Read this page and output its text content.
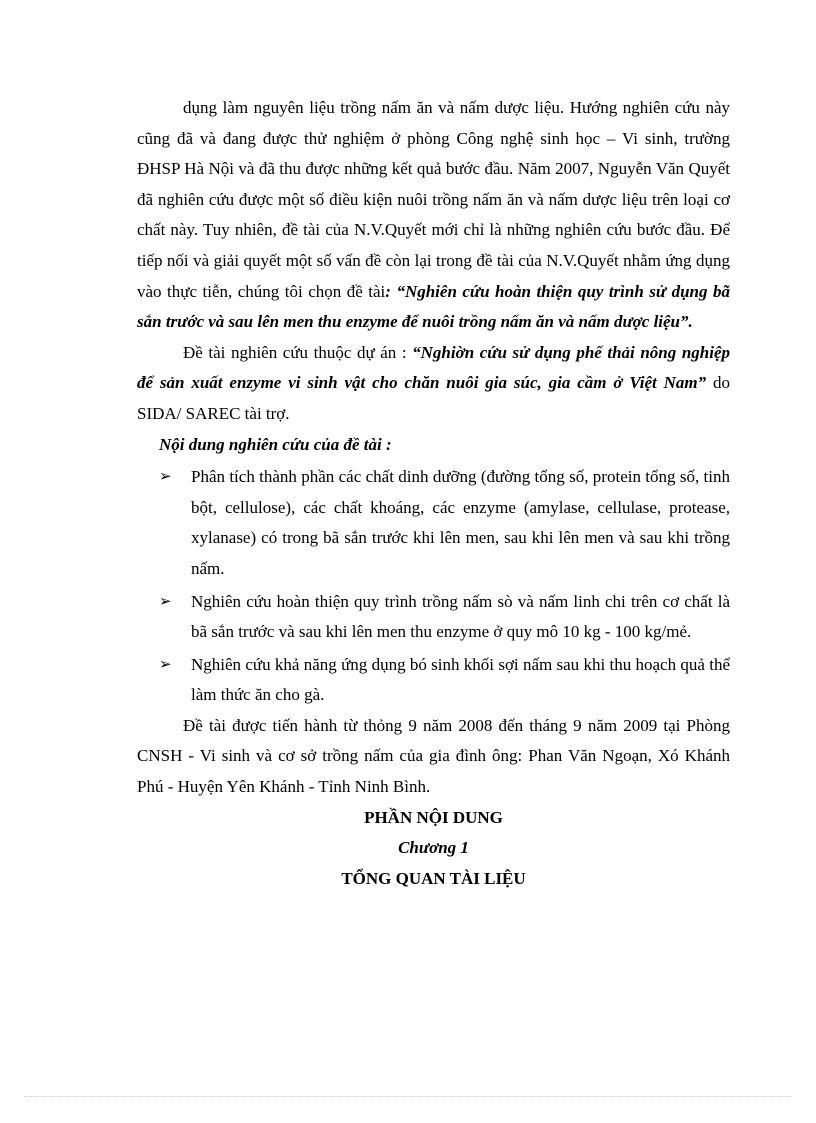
dụng làm nguyên liệu trồng nấm ăn và nấm dược liệu. Hướng nghiên cứu này cũng đã và đang được thử nghiệm ở phòng Công nghệ sinh học – Vi sinh, trường ĐHSP Hà Nội và đã thu được những kết quả bước đầu. Năm 2007, Nguyễn Văn Quyết đã nghiên cứu được một số điều kiện nuôi trồng nấm ăn và nấm dược liệu trên loại cơ chất này. Tuy nhiên, đề tài của N.V.Quyết mới chỉ là những nghiên cứu bước đầu. Để tiếp nối và giải quyết một số vấn đề còn lại trong đề tài của N.V.Quyết nhằm ứng dụng vào thực tiễn, chúng tôi chọn đề tài: “Nghiên cứu hoàn thiện quy trình sử dụng bã sắn trước và sau lên men thu enzyme để nuôi trồng nấm ăn và nấm dược liệu”.

Đề tài nghiên cứu thuộc dự án : “Nghiờn cứu sử dụng phế thải nông nghiệp để sản xuất enzyme vi sinh vật cho chăn nuôi gia súc, gia cầm ở Việt Nam” do SIDA/ SAREC tài trợ.

Nội dung nghiên cứu của đề tài :

➢	Phân tích thành phần các chất dinh dưỡng (đường tổng số, protein tổng số, tinh bột, cellulose), các chất khoáng, các enzyme (amylase, cellulase, protease, xylanase) có trong bã sắn trước khi lên men, sau khi lên men và sau khi trồng nấm.
➢	Nghiên cứu hoàn thiện quy trình trồng nấm sò và nấm linh chi trên cơ chất là bã sắn trước và sau khi lên men thu enzyme ở quy mô 10 kg - 100 kg/mẻ.
➢	Nghiên cứu khả năng ứng dụng bó sinh khối sợi nấm sau khi thu hoạch quả thể làm thức ăn cho gà.

Đề tài được tiến hành từ thỏng 9 năm 2008 đến tháng 9 năm 2009 tại Phòng CNSH - Vi sinh và cơ sở trồng nấm của gia đình ông: Phan Văn Ngoạn, Xó Khánh Phú - Huyện Yên Khánh - Tỉnh Ninh Bình.

PHẦN NỘI DUNG

Chương 1

TỔNG QUAN TÀI LIỆU
